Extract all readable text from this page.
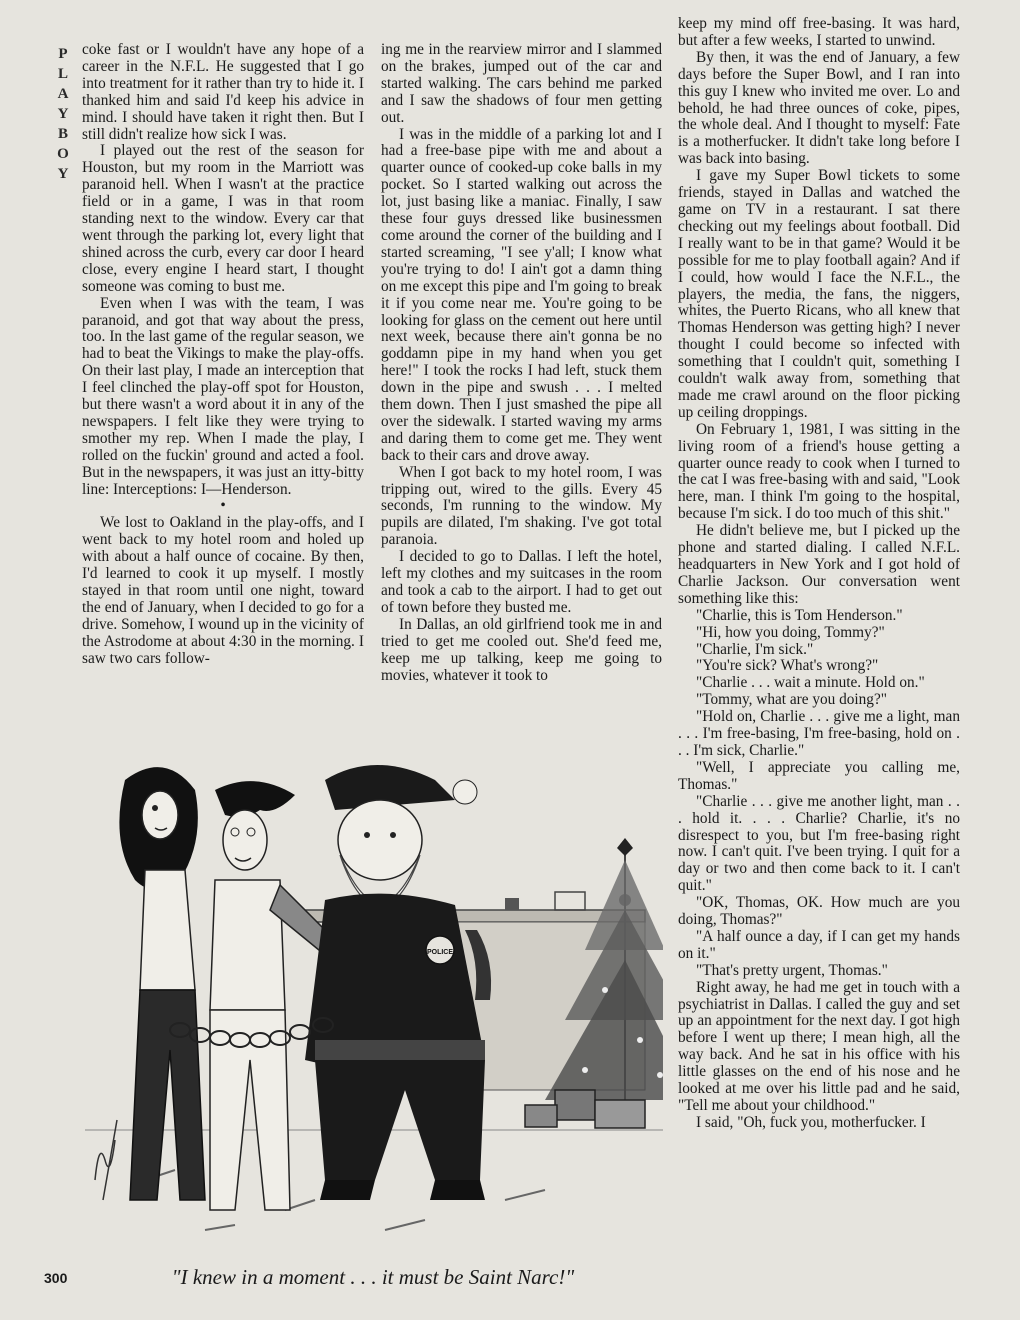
P
L
A
Y
B
O
Y

coke fast or I wouldn't have any hope of a career in the N.F.L. He suggested that I go into treatment for it rather than try to hide it. I thanked him and said I'd keep his advice in mind. I should have taken it right then. But I still didn't realize how sick I was.

I played out the rest of the season for Houston, but my room in the Marriott was paranoid hell. When I wasn't at the practice field or in a game, I was in that room standing next to the window. Every car that went through the parking lot, every light that shined across the curb, every car door I heard close, every engine I heard start, I thought someone was coming to bust me.

Even when I was with the team, I was paranoid, and got that way about the press, too. In the last game of the regular season, we had to beat the Vikings to make the play-offs. On their last play, I made an interception that I feel clinched the play-off spot for Houston, but there wasn't a word about it in any of the newspapers. I felt like they were trying to smother my rep. When I made the play, I rolled on the fuckin' ground and acted a fool. But in the newspapers, it was just an itty-bitty line: Interceptions: I—Henderson.

•

We lost to Oakland in the play-offs, and I went back to my hotel room and holed up with about a half ounce of cocaine. By then, I'd learned to cook it up myself. I mostly stayed in that room until one night, toward the end of January, when I decided to go for a drive. Somehow, I wound up in the vicinity of the Astrodome at about 4:30 in the morning. I saw two cars follow-

ing me in the rearview mirror and I slammed on the brakes, jumped out of the car and started walking. The cars behind me parked and I saw the shadows of four men getting out.

I was in the middle of a parking lot and I had a free-base pipe with me and about a quarter ounce of cooked-up coke balls in my pocket. So I started walking out across the lot, just basing like a maniac. Finally, I saw these four guys dressed like businessmen come around the corner of the building and I started screaming, "I see y'all; I know what you're trying to do! I ain't got a damn thing on me except this pipe and I'm going to break it if you come near me. You're going to be looking for glass on the cement out here until next week, because there ain't gonna be no goddamn pipe in my hand when you get here!" I took the rocks I had left, stuck them down in the pipe and swush . . . I melted them down. Then I just smashed the pipe all over the sidewalk. I started waving my arms and daring them to come get me. They went back to their cars and drove away.

When I got back to my hotel room, I was tripping out, wired to the gills. Every 45 seconds, I'm running to the window. My pupils are dilated, I'm shaking. I've got total paranoia.

I decided to go to Dallas. I left the hotel, left my clothes and my suitcases in the room and took a cab to the airport. I had to get out of town before they busted me.

In Dallas, an old girlfriend took me in and tried to get me cooled out. She'd feed me, keep me up talking, keep me going to movies, whatever it took to

keep my mind off free-basing. It was hard, but after a few weeks, I started to unwind.

By then, it was the end of January, a few days before the Super Bowl, and I ran into this guy I knew who invited me over. Lo and behold, he had three ounces of coke, pipes, the whole deal. And I thought to myself: Fate is a motherfucker. It didn't take long before I was back into basing.

I gave my Super Bowl tickets to some friends, stayed in Dallas and watched the game on TV in a restaurant. I sat there checking out my feelings about football. Did I really want to be in that game? Would it be possible for me to play football again? And if I could, how would I face the N.F.L., the players, the media, the fans, the niggers, whites, the Puerto Ricans, who all knew that Thomas Henderson was getting high? I never thought I could become so infected with something that I couldn't quit, something I couldn't walk away from, something that made me crawl around on the floor picking up ceiling droppings.

On February 1, 1981, I was sitting in the living room of a friend's house getting a quarter ounce ready to cook when I turned to the cat I was free-basing with and said, "Look here, man. I think I'm going to the hospital, because I'm sick. I do too much of this shit."

He didn't believe me, but I picked up the phone and started dialing. I called N.F.L. headquarters in New York and I got hold of Charlie Jackson. Our conversation went something like this:

"Charlie, this is Tom Henderson."

"Hi, how you doing, Tommy?"

"Charlie, I'm sick."

"You're sick? What's wrong?"

"Charlie . . . wait a minute. Hold on."

"Tommy, what are you doing?"

"Hold on, Charlie . . . give me a light, man . . . I'm free-basing, I'm free-basing, hold on . . . I'm sick, Charlie."

"Well, I appreciate you calling me, Thomas."

"Charlie . . . give me another light, man . . . hold it. . . . Charlie? Charlie, it's no disrespect to you, but I'm free-basing right now. I can't quit. I've been trying. I quit for a day or two and then come back to it. I can't quit."

"OK, Thomas, OK. How much are you doing, Thomas?"

"A half ounce a day, if I can get my hands on it."

"That's pretty urgent, Thomas."

Right away, he had me get in touch with a psychiatrist in Dallas. I called the guy and set up an appointment for the next day. I got high before I went up there; I mean high, all the way back. And he sat in his office with his little glasses on the end of his nose and he looked at me over his little pad and he said, "Tell me about your childhood."

I said, "Oh, fuck you, motherfucker. I

POLICE
"I knew in a moment . . . it must be Saint Narc!"
300
